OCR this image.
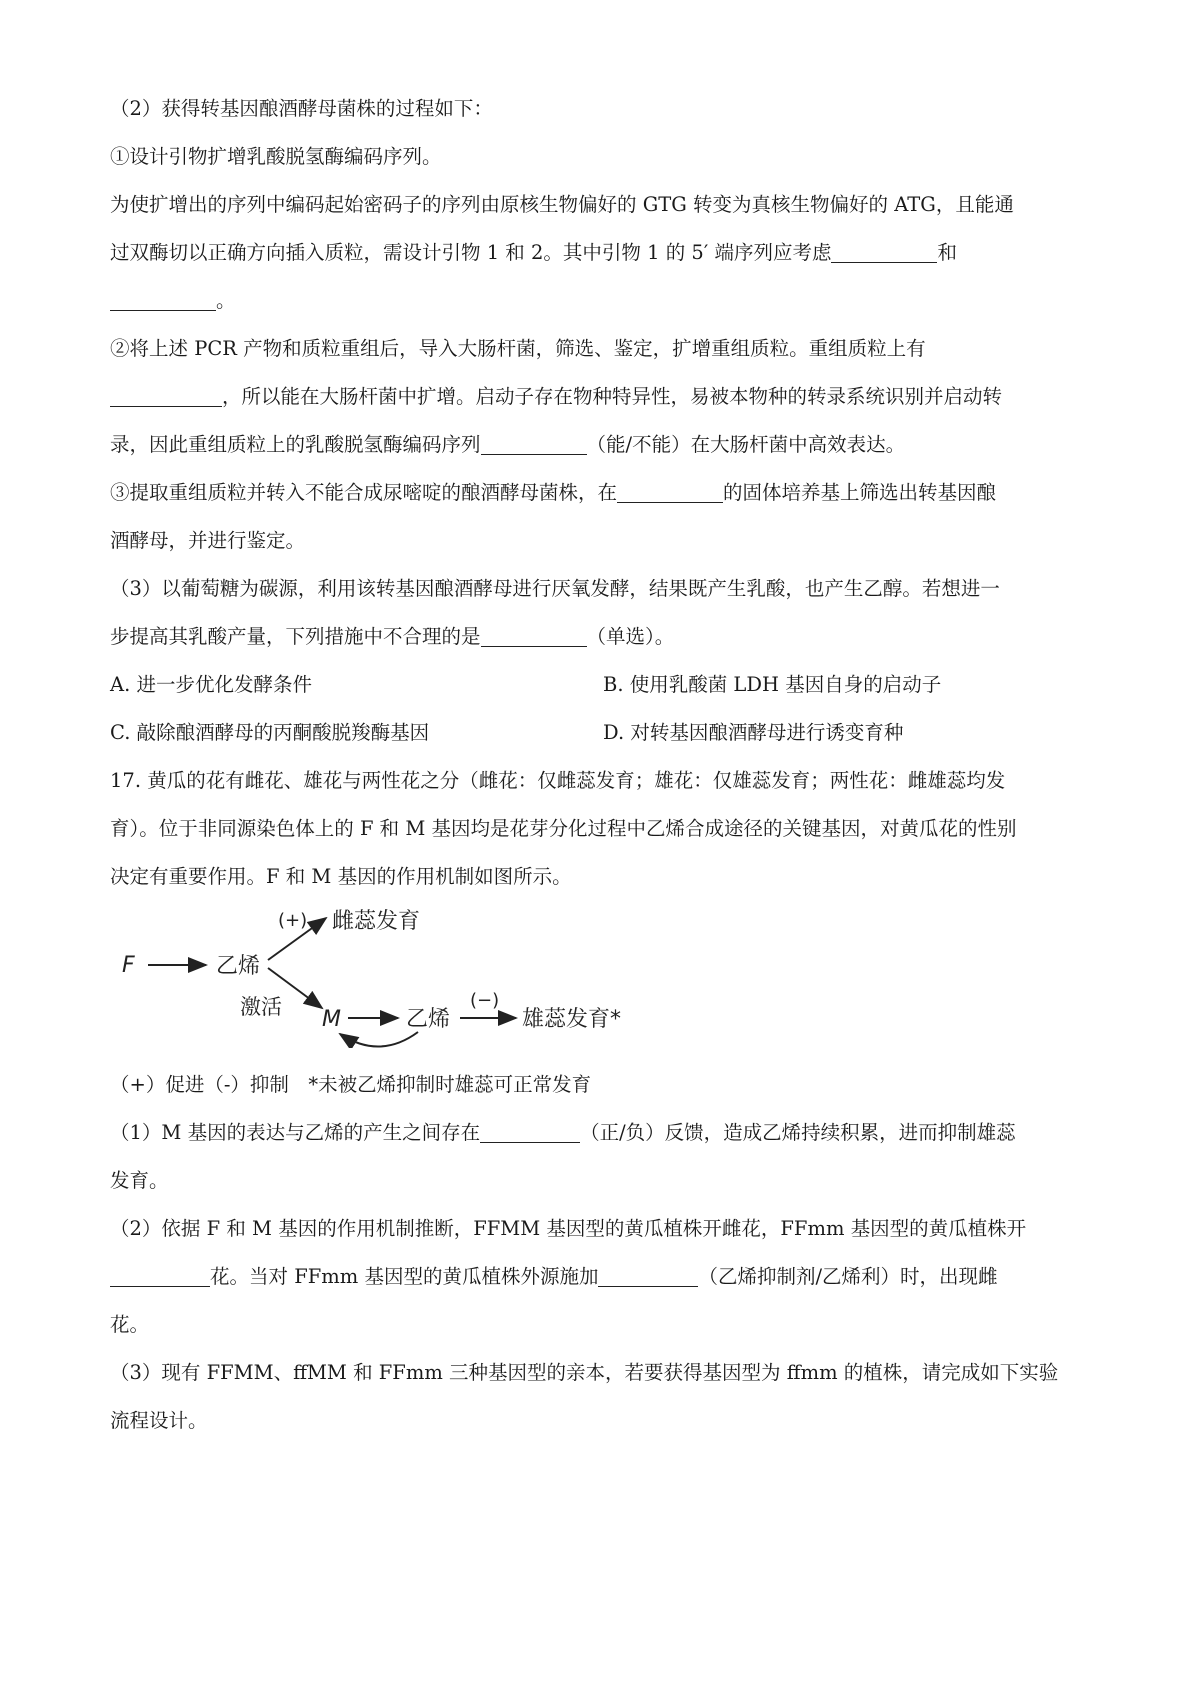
（2）获得转基因酿酒酵母菌株的过程如下：
①设计引物扩增乳酸脱氢酶编码序列。
为使扩增出的序列中编码起始密码子的序列由原核生物偏好的 GTG 转变为真核生物偏好的 ATG，且能通
过双酶切以正确方向插入质粒，需设计引物 1 和 2。其中引物 1 的 5′ 端序列应考虑	和
。
②将上述 PCR 产物和质粒重组后，导入大肠杆菌，筛选、鉴定，扩增重组质粒。重组质粒上有
，所以能在大肠杆菌中扩增。启动子存在物种特异性，易被本物种的转录系统识别并启动转
录，因此重组质粒上的乳酸脱氢酶编码序列	（能/不能）在大肠杆菌中高效表达。
③提取重组质粒并转入不能合成尿嘧啶的酿酒酵母菌株，在	的固体培养基上筛选出转基因酿
酒酵母，并进行鉴定。
（3）以葡萄糖为碳源，利用该转基因酿酒酵母进行厌氧发酵，结果既产生乳酸，也产生乙醇。若想进一
步提高其乳酸产量，下列措施中不合理的是	（单选）。
A. 进一步优化发酵条件	B. 使用乳酸菌 LDH 基因自身的启动子
C. 敲除酿酒酵母的丙酮酸脱羧酶基因	D. 对转基因酿酒酵母进行诱变育种
17. 黄瓜的花有雌花、雄花与两性花之分（雌花：仅雌蕊发育；雄花：仅雄蕊发育；两性花：雌雄蕊均发
育）。位于非同源染色体上的 F 和 M 基因均是花芽分化过程中乙烯合成途径的关键基因，对黄瓜花的性别
决定有重要作用。F 和 M 基因的作用机制如图所示。
F	乙烯
(+) 雌蕊发育
激活 M	乙烯
(−)
雄蕊发育*
（+）促进（-）抑制　*未被乙烯抑制时雄蕊可正常发育
（1）M 基因的表达与乙烯的产生之间存在	（正/负）反馈，造成乙烯持续积累，进而抑制雄蕊
发育。
（2）依据 F 和 M 基因的作用机制推断，FFMM 基因型的黄瓜植株开雌花，FFmm 基因型的黄瓜植株开
花。当对 FFmm 基因型的黄瓜植株外源施加	（乙烯抑制剂/乙烯利）时，出现雌
花。
（3）现有 FFMM、ffMM 和 FFmm 三种基因型的亲本，若要获得基因型为 ffmm 的植株，请完成如下实验
流程设计。
